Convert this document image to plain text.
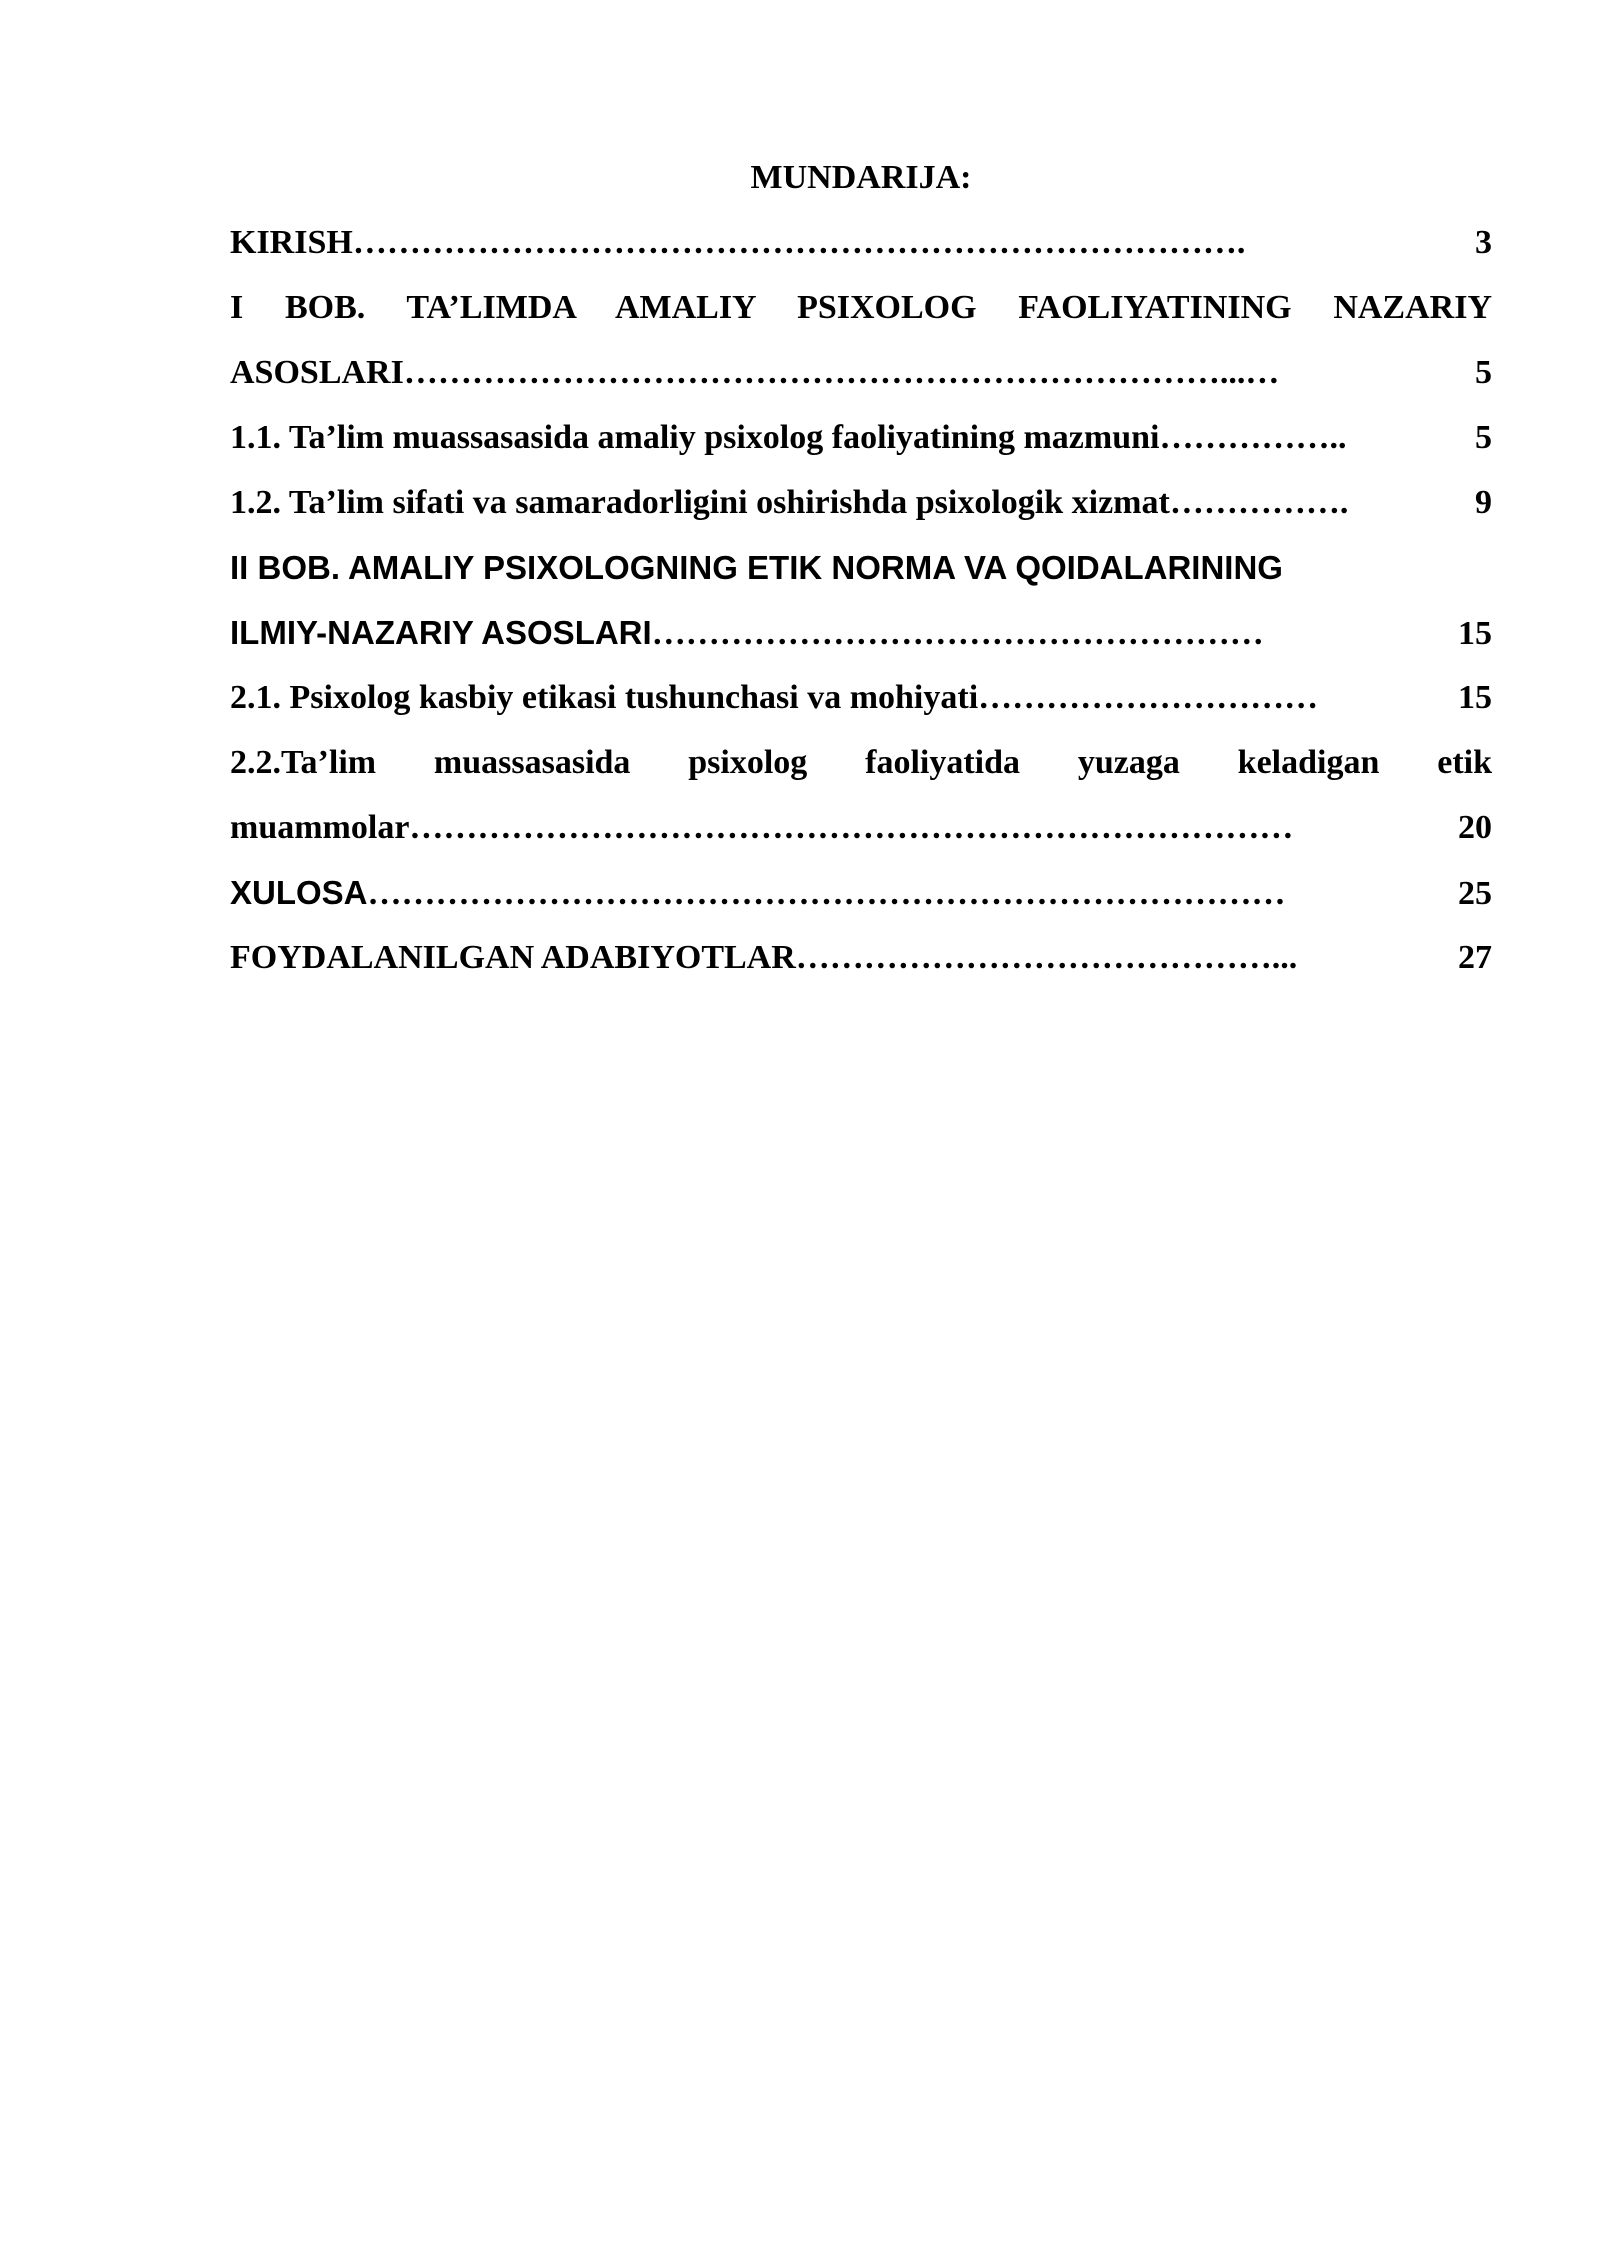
MUNDARIJA:
KIRISH …………………………………………………………………….	3
I BOB. TA’LIMDA AMALIY PSIXOLOG FAOLIYATINING NAZARIY
ASOSLARI ………………………………………………………………...…	5
1.1. Ta’lim muassasasida amaliy psixolog faoliyatining mazmuni ……………..	5
1.2. Ta’lim sifati va samaradorligini oshirishda psixologik xizmat …………….	9
II BOB. AMALIY PSIXOLOGNING ETIK NORMA VA QOIDALARINING
ILMIY-NAZARIY ASOSLARI ………………………………………………	15
2.1. Psixolog kasbiy etikasi tushunchasi va mohiyati …………………………	15
2.2.Ta’lim muassasasida psixolog faoliyatida yuzaga keladigan etik
muammolar ……………………………………………………………………	20
XULOSA ………………………………………………………………………	25
FOYDALANILGAN ADABIYOTLAR ……………………………………...	27
